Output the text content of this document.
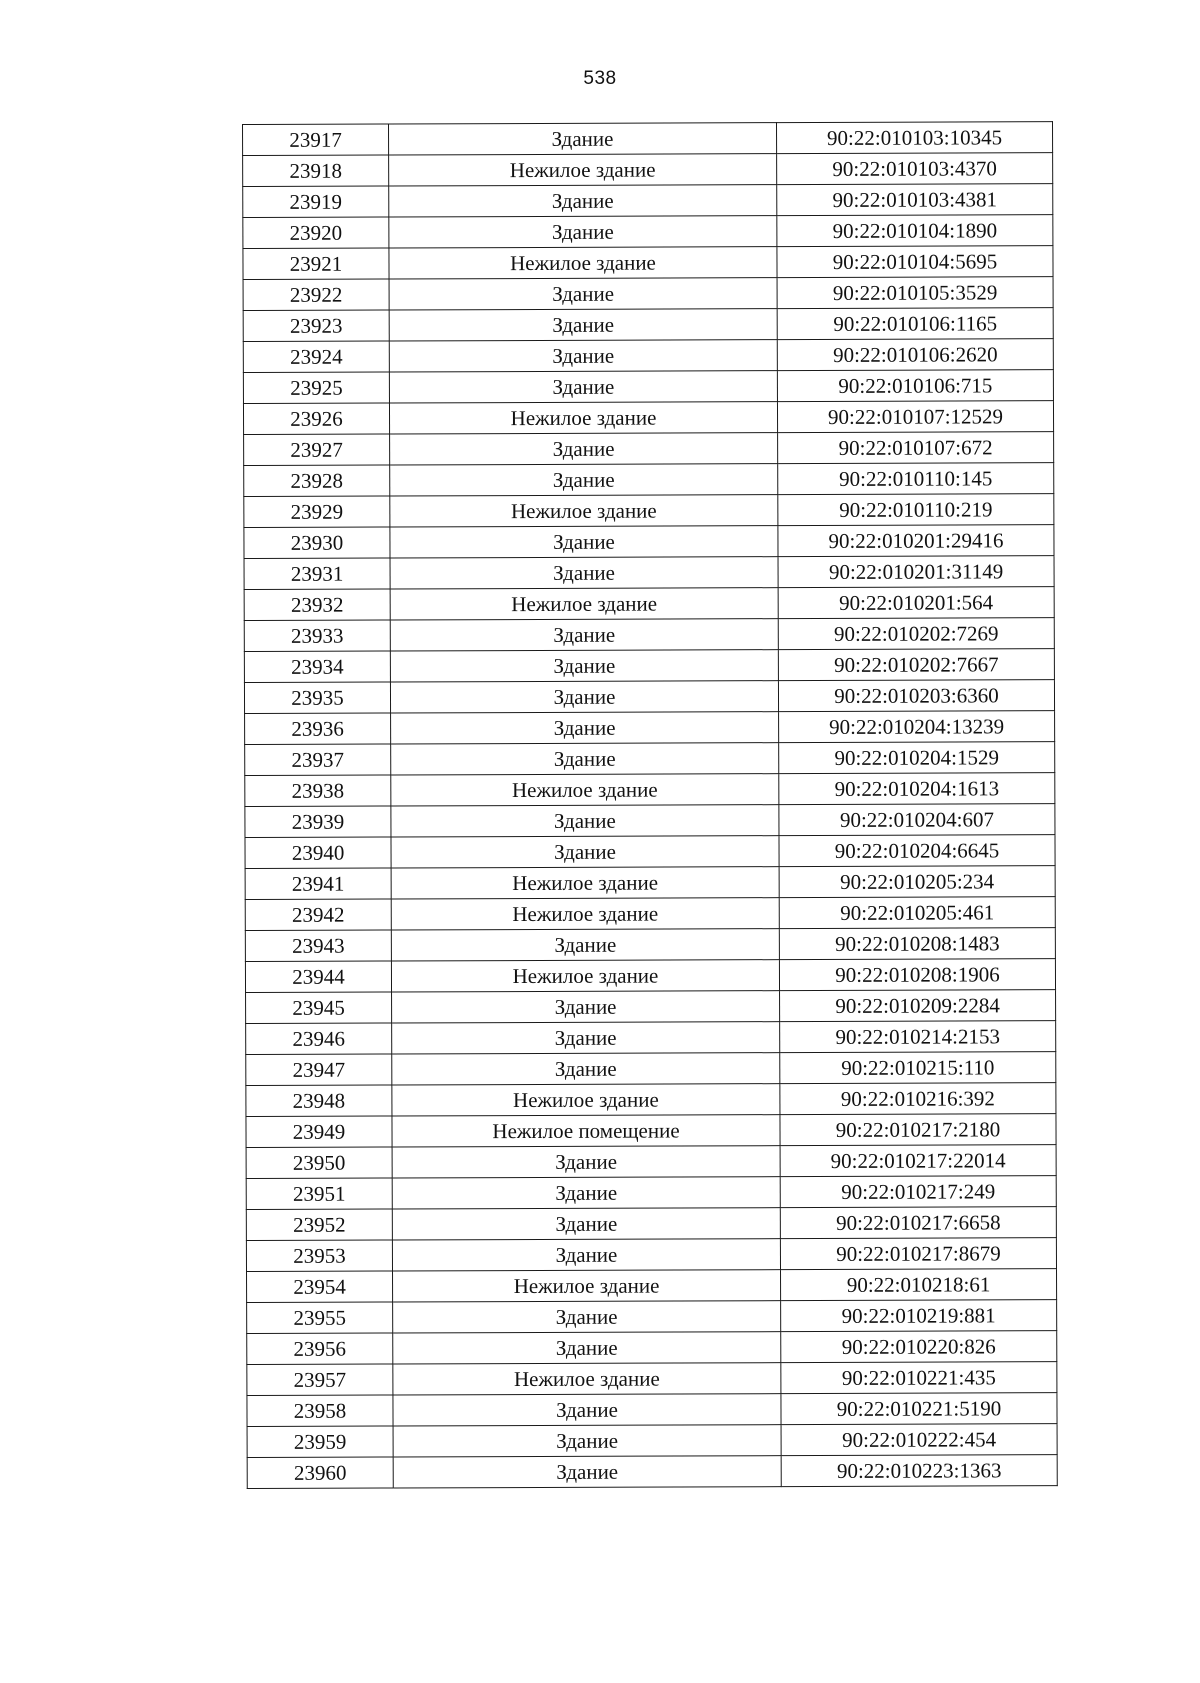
538
23917	Здание	90:22:010103:10345
23918	Нежилое здание	90:22:010103:4370
23919	Здание	90:22:010103:4381
23920	Здание	90:22:010104:1890
23921	Нежилое здание	90:22:010104:5695
23922	Здание	90:22:010105:3529
23923	Здание	90:22:010106:1165
23924	Здание	90:22:010106:2620
23925	Здание	90:22:010106:715
23926	Нежилое здание	90:22:010107:12529
23927	Здание	90:22:010107:672
23928	Здание	90:22:010110:145
23929	Нежилое здание	90:22:010110:219
23930	Здание	90:22:010201:29416
23931	Здание	90:22:010201:31149
23932	Нежилое здание	90:22:010201:564
23933	Здание	90:22:010202:7269
23934	Здание	90:22:010202:7667
23935	Здание	90:22:010203:6360
23936	Здание	90:22:010204:13239
23937	Здание	90:22:010204:1529
23938	Нежилое здание	90:22:010204:1613
23939	Здание	90:22:010204:607
23940	Здание	90:22:010204:6645
23941	Нежилое здание	90:22:010205:234
23942	Нежилое здание	90:22:010205:461
23943	Здание	90:22:010208:1483
23944	Нежилое здание	90:22:010208:1906
23945	Здание	90:22:010209:2284
23946	Здание	90:22:010214:2153
23947	Здание	90:22:010215:110
23948	Нежилое здание	90:22:010216:392
23949	Нежилое помещение	90:22:010217:2180
23950	Здание	90:22:010217:22014
23951	Здание	90:22:010217:249
23952	Здание	90:22:010217:6658
23953	Здание	90:22:010217:8679
23954	Нежилое здание	90:22:010218:61
23955	Здание	90:22:010219:881
23956	Здание	90:22:010220:826
23957	Нежилое здание	90:22:010221:435
23958	Здание	90:22:010221:5190
23959	Здание	90:22:010222:454
23960	Здание	90:22:010223:1363
